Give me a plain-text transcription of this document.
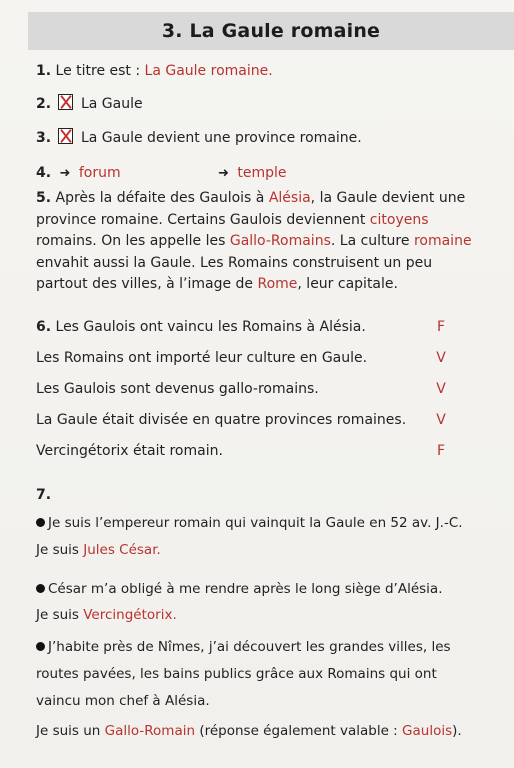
3. La Gaule romaine
1. Le titre est : La Gaule romaine.
2. La Gaule
3. La Gaule devient une province romaine.
4. ➜ forum	➜ temple

5. Après la défaite des Gaulois à Alésia, la Gaule devient une province romaine. Certains Gaulois deviennent citoyens romains. On les appelle les Gallo-Romains. La culture romaine envahit aussi la Gaule. Les Romains construisent un peu partout des villes, à l’image de Rome, leur capitale.

6. Les Gaulois ont vaincu les Romains à Alésia.	F
Les Romains ont importé leur culture en Gaule.	V
Les Gaulois sont devenus gallo-romains.	V
La Gaule était divisée en quatre provinces romaines.	V
Vercingétorix était romain.	F
7.
Je suis l’empereur romain qui vainquit la Gaule en 52 av. J.-C.
Je suis Jules César.
César m’a obligé à me rendre après le long siège d’Alésia.
Je suis Vercingétorix.
J’habite près de Nîmes, j’ai découvert les grandes villes, les
routes pavées, les bains publics grâce aux Romains qui ont
vaincu mon chef à Alésia.
Je suis un Gallo-Romain (réponse également valable : Gaulois).
